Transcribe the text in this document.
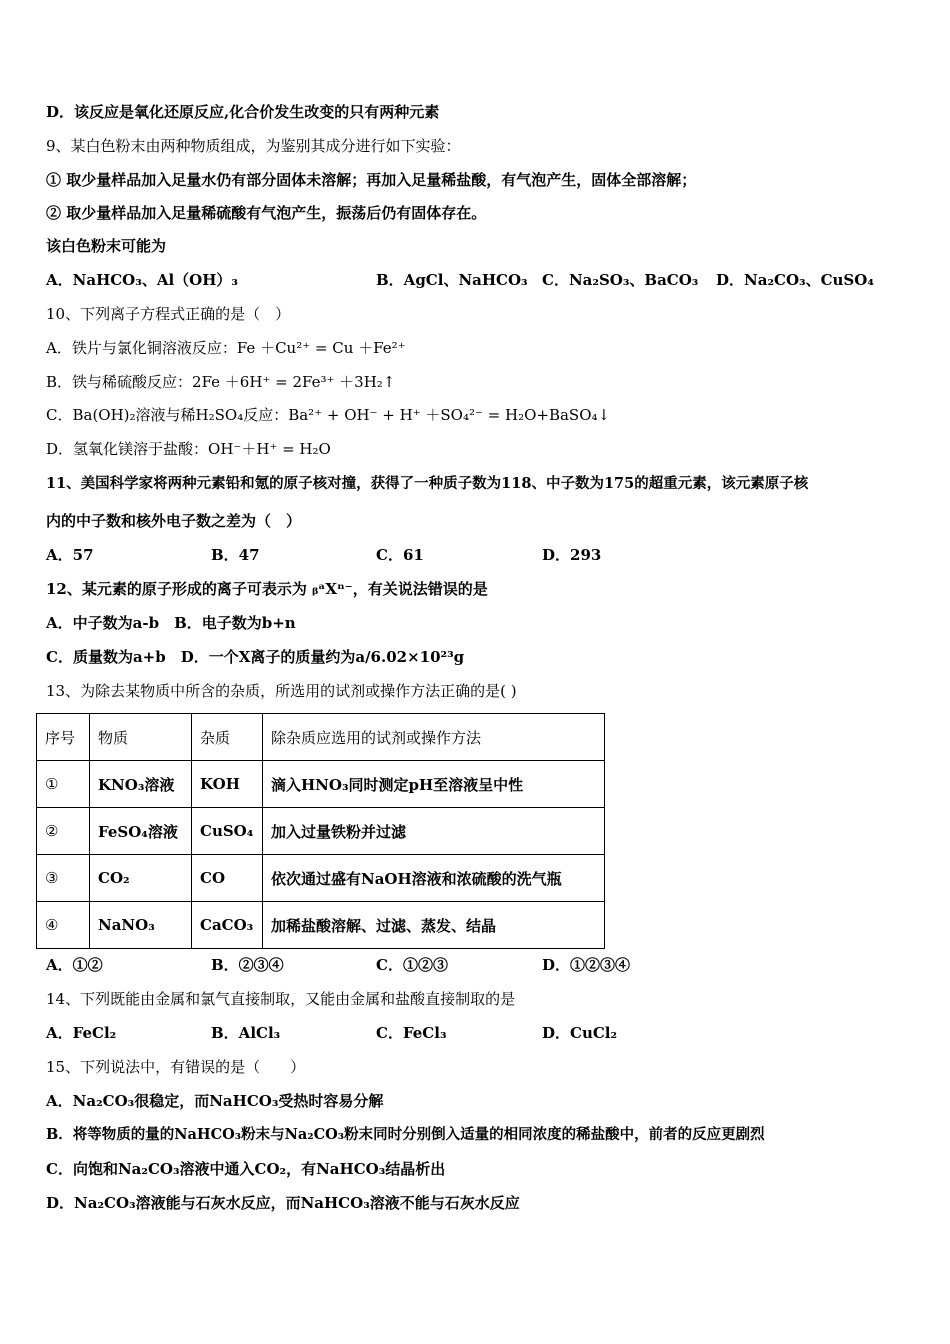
D．该反应是氧化还原反应,化合价发生改变的只有两种元素
9、某白色粉末由两种物质组成，为鉴别其成分进行如下实验：
① 取少量样品加入足量水仍有部分固体未溶解；再加入足量稀盐酸，有气泡产生，固体全部溶解；
② 取少量样品加入足量稀硫酸有气泡产生，振荡后仍有固体存在。
该白色粉末可能为
A．NaHCO₃、Al（OH）₃	B．AgCl、NaHCO₃ C．Na₂SO₃、BaCO₃ D．Na₂CO₃、CuSO₄
10、下列离子方程式正确的是（　）
A．铁片与氯化铜溶液反应：Fe ＋Cu²⁺ = Cu ＋Fe²⁺
B．铁与稀硫酸反应：2Fe ＋6H⁺ = 2Fe³⁺ ＋3H₂↑
C．Ba(OH)₂溶液与稀H₂SO₄反应：Ba²⁺ + OH⁻ + H⁺ ＋SO₄²⁻ = H₂O+BaSO₄↓
D．氢氧化镁溶于盐酸：OH⁻＋H⁺ = H₂O
11、美国科学家将两种元素铅和氪的原子核对撞，获得了一种质子数为118、中子数为175的超重元素，该元素原子核
内的中子数和核外电子数之差为（　）
A．57	B．47	C．61	D．293
12、某元素的原子形成的离子可表示为 ᵦᵃXⁿ⁻，有关说法错误的是
A．中子数为a-b　B．电子数为b+n
C．质量数为a+b　D．一个X离子的质量约为a/6.02×10²³g
13、为除去某物质中所含的杂质，所选用的试剂或操作方法正确的是( )
序号	物质	杂质	除杂质应选用的试剂或操作方法
①	KNO₃溶液	KOH	滴入HNO₃同时测定pH至溶液呈中性
②	FeSO₄溶液	CuSO₄	加入过量铁粉并过滤
③	CO₂	CO	依次通过盛有NaOH溶液和浓硫酸的洗气瓶
④	NaNO₃	CaCO₃	加稀盐酸溶解、过滤、蒸发、结晶
A．①②	B．②③④	C．①②③	D．①②③④
14、下列既能由金属和氯气直接制取，又能由金属和盐酸直接制取的是
A．FeCl₂	B．AlCl₃	C．FeCl₃	D．CuCl₂
15、下列说法中，有错误的是（　　）
A．Na₂CO₃很稳定，而NaHCO₃受热时容易分解
B．将等物质的量的NaHCO₃粉末与Na₂CO₃粉末同时分别倒入适量的相同浓度的稀盐酸中，前者的反应更剧烈
C．向饱和Na₂CO₃溶液中通入CO₂，有NaHCO₃结晶析出
D．Na₂CO₃溶液能与石灰水反应，而NaHCO₃溶液不能与石灰水反应
